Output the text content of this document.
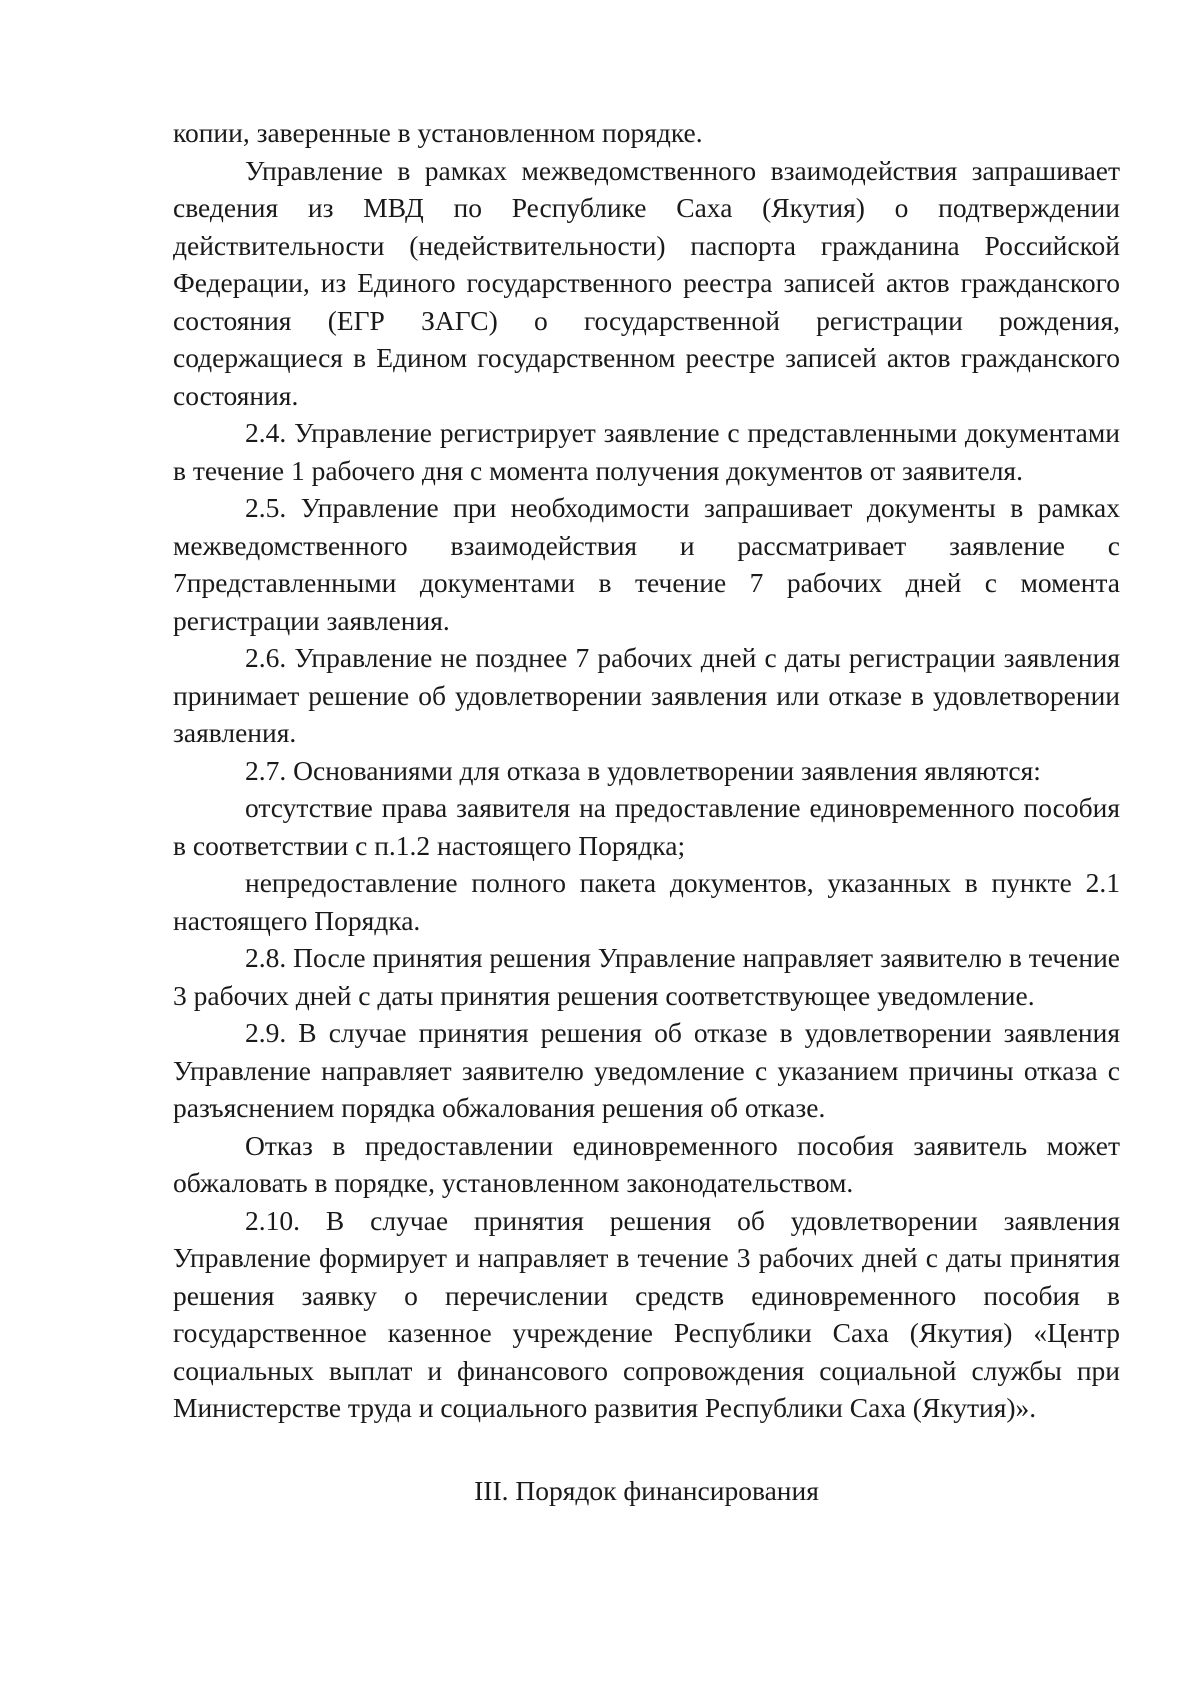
копии, заверенные в установленном порядке.

Управление в рамках межведомственного взаимодействия запрашивает сведения из МВД по Республике Саха (Якутия) о подтверждении действительности (недействительности) паспорта гражданина Российской Федерации, из Единого государственного реестра записей актов гражданского состояния (ЕГР ЗАГС) о государственной регистрации рождения, содержащиеся в Едином государственном реестре записей актов гражданского состояния.

2.4. Управление регистрирует заявление с представленными документами в течение 1 рабочего дня с момента получения документов от заявителя.

2.5. Управление при необходимости запрашивает документы в рамках межведомственного взаимодействия и рассматривает заявление с 7представленными документами в течение 7 рабочих дней с момента регистрации заявления.

2.6. Управление не позднее 7 рабочих дней с даты регистрации заявления принимает решение об удовлетворении заявления или отказе в удовлетворении заявления.

2.7. Основаниями для отказа в удовлетворении заявления являются:

отсутствие права заявителя на предоставление единовременного пособия в соответствии с п.1.2 настоящего Порядка;

непредоставление полного пакета документов, указанных в пункте 2.1 настоящего Порядка.

2.8. После принятия решения Управление направляет заявителю в течение 3 рабочих дней с даты принятия решения соответствующее уведомление.

2.9. В случае принятия решения об отказе в удовлетворении заявления Управление направляет заявителю уведомление с указанием причины отказа с разъяснением порядка обжалования решения об отказе.

Отказ в предоставлении единовременного пособия заявитель может обжаловать в порядке, установленном законодательством.

2.10. В случае принятия решения об удовлетворении заявления Управление формирует и направляет в течение 3 рабочих дней с даты принятия решения заявку о перечислении средств единовременного пособия в государственное казенное учреждение Республики Саха (Якутия) «Центр социальных выплат и финансового сопровождения социальной службы при Министерстве труда и социального развития Республики Саха (Якутия)».

III. Порядок финансирования
